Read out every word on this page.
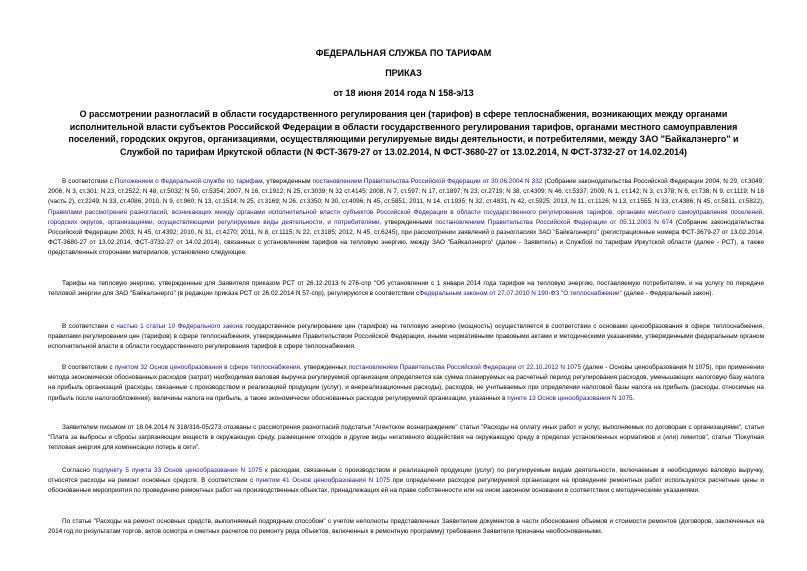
ФЕДЕРАЛЬНАЯ СЛУЖБА ПО ТАРИФАМ
ПРИКАЗ
от 18 июня 2014 года N 158-э/13
О рассмотрении разногласий в области государственного регулирования цен (тарифов) в сфере теплоснабжения, возникающих между органами исполнительной власти субъектов Российской Федерации в области государственного регулирования тарифов, органами местного самоуправления поселений, городских округов, организациями, осуществляющими регулируемые виды деятельности, и потребителями, между ЗАО "Байкалэнерго" и Службой по тарифам Иркутской области (N ФСТ-3679-27 от 13.02.2014, N ФСТ-3680-27 от 13.02.2014, N ФСТ-3732-27 от 14.02.2014)
В соответствии с Положением о Федеральной службе по тарифам, утвержденным постановлением Правительства Российской Федерации от 30.06.2004 N 332 (Собрание законодательства Российской Федерации 2004, N 29, ст.3049; 2006, N 3, ст.301; N 23, ст.2522; N 48, ст.5032; N 50, ст.5354; 2007, N 16, ст.1912; N 25, ст.3039; N 32 ст.4145; 2008, N 7, ст.597; N 17, ст.1897; N 23, ст.2719; N 38, ст.4309; N 46, ст.5337; 2009, N 1, ст.142; N 3, ст.378; N 6, ст.738; N 9, ст.1119; N 18 (часть 2), ст.2249; N 33, ст.4086; 2010, N 9, ст.960; N 13, ст.1514; N 25, ст.3169; N 26, ст.3350; N 30, ст.4096; N 45, ст.5851; 2011, N 14, ст.1935; N 32, ст.4831, N 42, ст.5925; 2013, N 11, ст.1126; N 13, ст.1555; N 33, ст.4386; N 45, ст.5811, ст.5822), Правилами рассмотрения разногласий, возникающих между органами исполнительной власти субъектов Российской Федерации в области государственного регулирования тарифов, органами местного самоуправления поселений, городских округов, организациями, осуществляющими регулируемые виды деятельности, и потребителями, утвержденными постановлением Правительства Российской Федерации от 05.11.2003 N 674 (Собрание законодательства Российской Федерации 2003, N 45, ст.4392; 2010, N 31, ст.4270; 2011, N 8, ст.1115; N 22, ст.3185; 2012, N 45, ст.6245), при рассмотрении заявлений о разногласиях ЗАО "Байкалэнерго" (регистрационные номера ФСТ-3679-27 от 13.02.2014, ФСТ-3680-27 от 13.02.2014, ФСТ-3732-27 от 14.02.2014), связанных с установлением тарифов на тепловую энергию, между ЗАО "Байкалэнерго" (далее - Заявитель) и Службой по тарифам Иркутской области (далее - РСТ), а также представленных сторонами материалов, установлено следующее.
Тарифы на тепловую энергию, утвержденные для Заявителя приказом РСТ от 26.12.2013 N 276-спр "Об установлении с 1 января 2014 года тарифов на тепловую энергию, поставляемую потребителям, и на услугу по передаче тепловой энергии для ЗАО "Байкалэнерго" (в редакции приказа РСТ от 26.02.2014 N 57-спр), регулируются в соответствии сФедеральным законом от 27.07.2010 N 190-ФЗ "О теплоснабжении" (далее - Федеральный закон).
В соответствии с частью 1 статьи 10 Федерального закона государственное регулирование цен (тарифов) на тепловую энергию (мощность) осуществляется в соответствии с основами ценообразования в сфере теплоснабжения, правилами регулирования цен (тарифов) в сфере теплоснабжения, утвержденными Правительством Российской Федерации, иными нормативными правовыми актами и методическими указаниями, утвержденными федеральным органом исполнительной власти в области государственного регулирования тарифов в сфере теплоснабжения.
В соответствии с пунктом 32 Основ ценообразования в сфере теплоснабжения, утвержденных постановлением Правительства Российской Федерации от 22.10.2012 N 1075 (далее - Основы ценообразования N 1075), при применении метода экономически обоснованных расходов (затрат) необходимая валовая выручка регулируемой организации определяется как сумма планируемых на расчетный период регулирования расходов, уменьшающих налоговую базу налога на прибыль организаций (расходы, связанные с производством и реализацией продукции (услуг), и внереализационные расходы), расходов, не учитываемых при определении налоговой базы налога на прибыль (расходы, относимые на прибыль после налогообложения), величины налога на прибыль, а также экономически обоснованных расходов регулируемой организации, указанных в пункте 13 Основ ценообразования N 1075.
Заявителем письмом от 18.04.2014 N 318/316-05/273 отозваны с рассмотрения разногласий подстатьи "Агентское вознаграждение" статьи "Расходы на оплату иных работ и услуг, выполняемых по договорам с организациями", статьи "Плата за выбросы и сбросы загрязняющих веществ в окружающую среду, размещение отходов и другие виды негативного воздействия на окружающую среду в пределах установленных нормативов и (или) лимитов", статьи "Покупная тепловая энергия для компенсации потерь в сети".
Согласно подпункту 5 пункта 33 Основ ценообразования N 1075 к расходам, связанным с производством и реализацией продукции (услуг) по регулируемым видам деятельности, включаемым в необходимую валовую выручку, относятся расходы на ремонт основных средств. В соответствии с пунктом 41 Основ ценообразования N 1075 при определении расходов регулируемой организации на проведение ремонтных работ используются расчетные цены и обоснованные мероприятия по проведению ремонтных работ на производственных объектах, принадлежащих ей на праве собственности или на ином законном основании в соответствии с методическими указаниями.
По статье "Расходы на ремонт основных средств, выполняемый подрядным способом" с учетом неполноты представленных Заявителем документов в части обоснования объемов и стоимости ремонтов (договоров, заключенных на 2014 год по результатам торгов, актов осмотра и сметных расчетов по ремонту ряда объектов, включенных в ремонтную программу) требования Заявителя признаны необоснованными.
